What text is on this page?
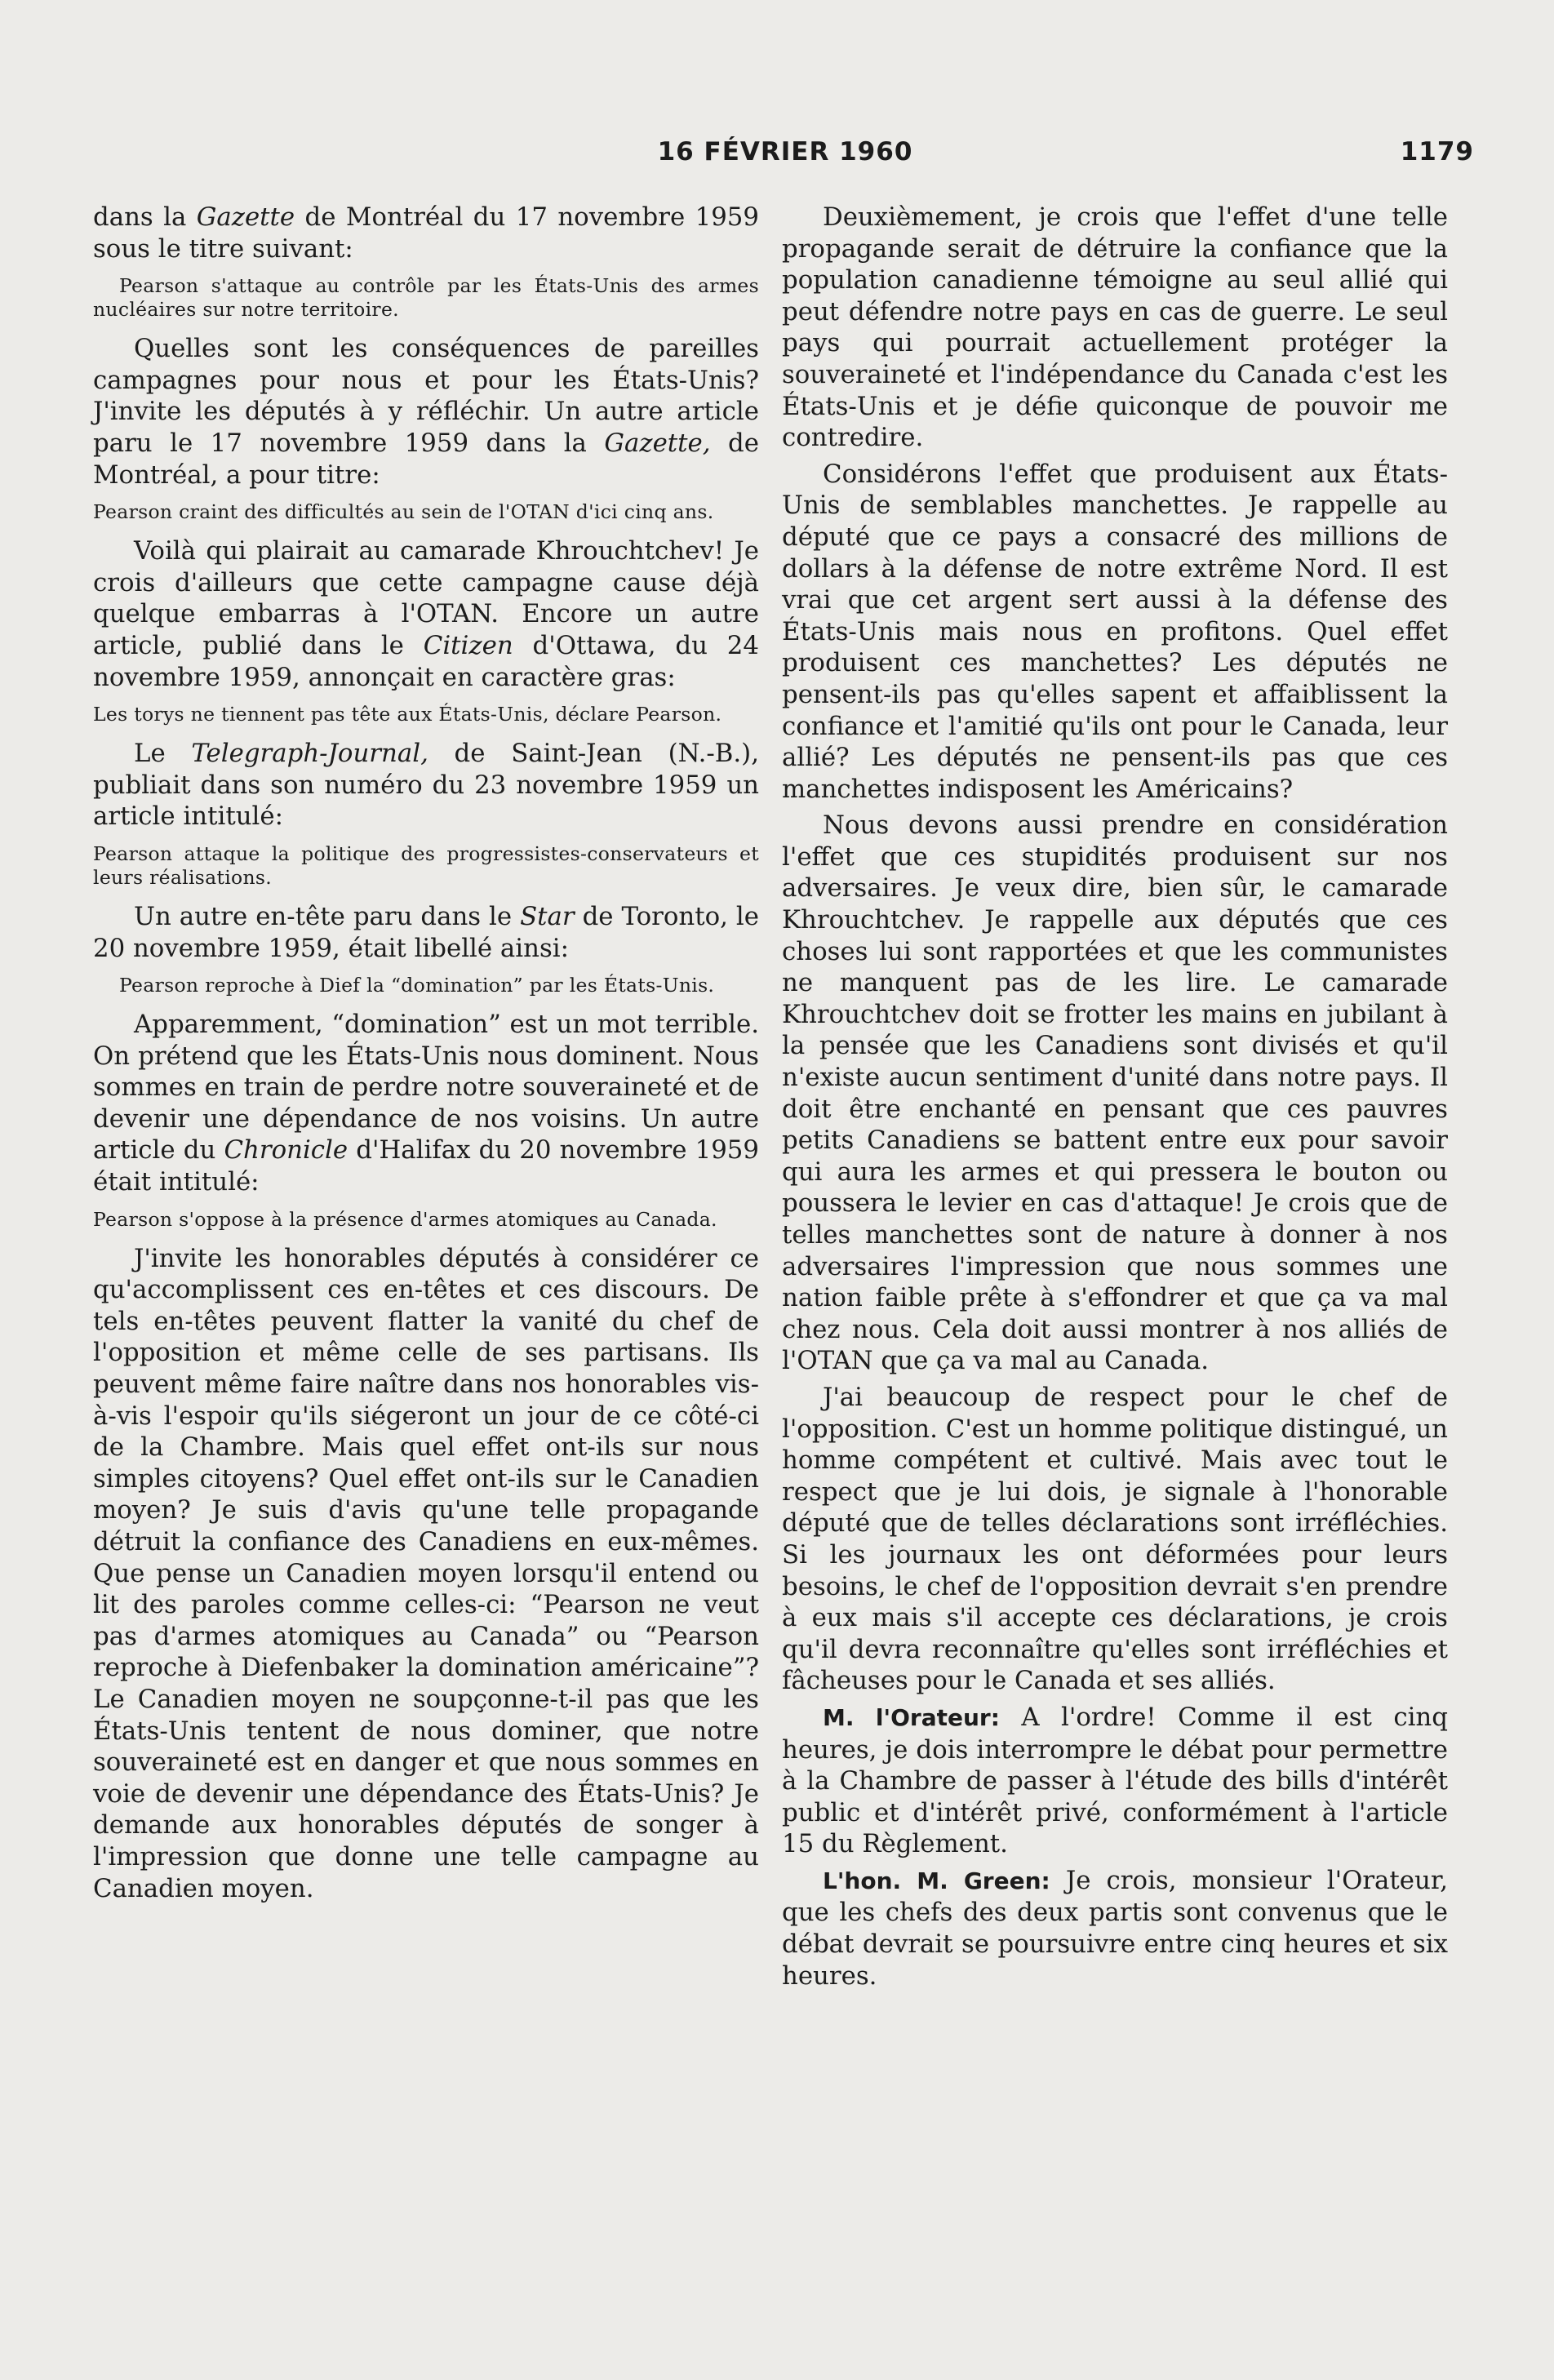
16 FÉVRIER 1960	1179

dans la Gazette de Montréal du 17 novembre 1959 sous le titre suivant:

Pearson s'attaque au contrôle par les États-Unis des armes nucléaires sur notre territoire.

Quelles sont les conséquences de pareilles campagnes pour nous et pour les États-Unis? J'invite les députés à y réfléchir. Un autre article paru le 17 novembre 1959 dans la Gazette, de Montréal, a pour titre:

Pearson craint des difficultés au sein de l'OTAN d'ici cinq ans.

Voilà qui plairait au camarade Khrouchtchev! Je crois d'ailleurs que cette campagne cause déjà quelque embarras à l'OTAN. Encore un autre article, publié dans le Citizen d'Ottawa, du 24 novembre 1959, annonçait en caractère gras:

Les torys ne tiennent pas tête aux États-Unis, déclare Pearson.

Le Telegraph-Journal, de Saint-Jean (N.-B.), publiait dans son numéro du 23 novembre 1959 un article intitulé:

Pearson attaque la politique des progressistes-conservateurs et leurs réalisations.

Un autre en-tête paru dans le Star de Toronto, le 20 novembre 1959, était libellé ainsi:

Pearson reproche à Dief la “domination” par les États-Unis.

Apparemment, “domination” est un mot terrible. On prétend que les États-Unis nous dominent. Nous sommes en train de perdre notre souveraineté et de devenir une dépendance de nos voisins. Un autre article du Chronicle d'Halifax du 20 novembre 1959 était intitulé:

Pearson s'oppose à la présence d'armes atomiques au Canada.

J'invite les honorables députés à considérer ce qu'accomplissent ces en-têtes et ces discours. De tels en-têtes peuvent flatter la vanité du chef de l'opposition et même celle de ses partisans. Ils peuvent même faire naître dans nos honorables vis-à-vis l'espoir qu'ils siégeront un jour de ce côté-ci de la Chambre. Mais quel effet ont-ils sur nous simples citoyens? Quel effet ont-ils sur le Canadien moyen? Je suis d'avis qu'une telle propagande détruit la confiance des Canadiens en eux-mêmes. Que pense un Canadien moyen lorsqu'il entend ou lit des paroles comme celles-ci: “Pearson ne veut pas d'armes atomiques au Canada” ou “Pearson reproche à Diefenbaker la domination américaine”? Le Canadien moyen ne soupçonne-t-il pas que les États-Unis tentent de nous dominer, que notre souveraineté est en danger et que nous sommes en voie de devenir une dépendance des États-Unis? Je demande aux honorables députés de songer à l'impression que donne une telle campagne au Canadien moyen.

Deuxièmement, je crois que l'effet d'une telle propagande serait de détruire la confiance que la population canadienne témoigne au seul allié qui peut défendre notre pays en cas de guerre. Le seul pays qui pourrait actuellement protéger la souveraineté et l'indépendance du Canada c'est les États-Unis et je défie quiconque de pouvoir me contredire.

Considérons l'effet que produisent aux États-Unis de semblables manchettes. Je rappelle au député que ce pays a consacré des millions de dollars à la défense de notre extrême Nord. Il est vrai que cet argent sert aussi à la défense des États-Unis mais nous en profitons. Quel effet produisent ces manchettes? Les députés ne pensent-ils pas qu'elles sapent et affaiblissent la confiance et l'amitié qu'ils ont pour le Canada, leur allié? Les députés ne pensent-ils pas que ces manchettes indisposent les Américains?

Nous devons aussi prendre en considération l'effet que ces stupidités produisent sur nos adversaires. Je veux dire, bien sûr, le camarade Khrouchtchev. Je rappelle aux députés que ces choses lui sont rapportées et que les communistes ne manquent pas de les lire. Le camarade Khrouchtchev doit se frotter les mains en jubilant à la pensée que les Canadiens sont divisés et qu'il n'existe aucun sentiment d'unité dans notre pays. Il doit être enchanté en pensant que ces pauvres petits Canadiens se battent entre eux pour savoir qui aura les armes et qui pressera le bouton ou poussera le levier en cas d'attaque! Je crois que de telles manchettes sont de nature à donner à nos adversaires l'impression que nous sommes une nation faible prête à s'effondrer et que ça va mal chez nous. Cela doit aussi montrer à nos alliés de l'OTAN que ça va mal au Canada.

J'ai beaucoup de respect pour le chef de l'opposition. C'est un homme politique distingué, un homme compétent et cultivé. Mais avec tout le respect que je lui dois, je signale à l'honorable député que de telles déclarations sont irréfléchies. Si les journaux les ont déformées pour leurs besoins, le chef de l'opposition devrait s'en prendre à eux mais s'il accepte ces déclarations, je crois qu'il devra reconnaître qu'elles sont irréfléchies et fâcheuses pour le Canada et ses alliés.

M. l'Orateur: A l'ordre! Comme il est cinq heures, je dois interrompre le débat pour permettre à la Chambre de passer à l'étude des bills d'intérêt public et d'intérêt privé, conformément à l'article 15 du Règlement.

L'hon. M. Green: Je crois, monsieur l'Orateur, que les chefs des deux partis sont convenus que le débat devrait se poursuivre entre cinq heures et six heures.
